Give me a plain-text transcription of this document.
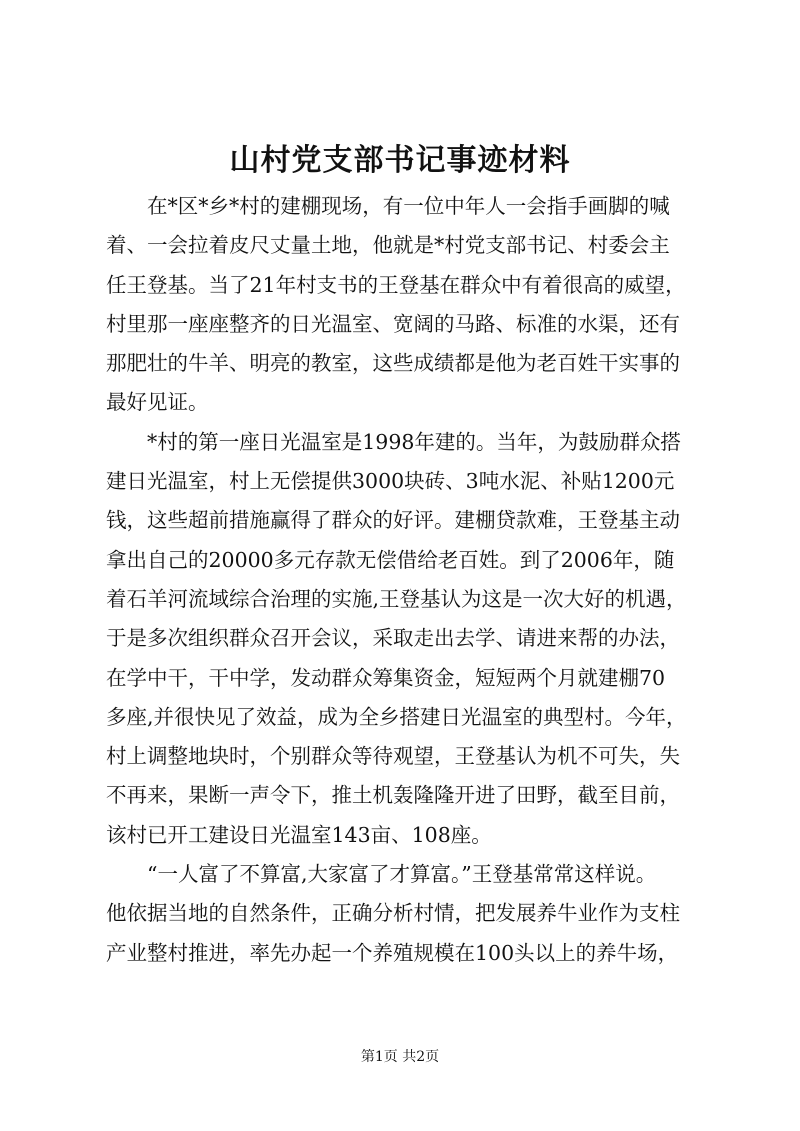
山村党支部书记事迹材料
　　在*区*乡*村的建棚现场，有一位中年人一会指手画脚的喊
着、一会拉着皮尺丈量土地，他就是*村党支部书记、村委会主
任王登基。当了21年村支书的王登基在群众中有着很高的威望，
村里那一座座整齐的日光温室、宽阔的马路、标准的水渠，还有
那肥壮的牛羊、明亮的教室，这些成绩都是他为老百姓干实事的
最好见证。
　　*村的第一座日光温室是1998年建的。当年，为鼓励群众搭
建日光温室，村上无偿提供3000块砖、3吨水泥、补贴1200元
钱，这些超前措施赢得了群众的好评。建棚贷款难，王登基主动
拿出自己的20000多元存款无偿借给老百姓。到了2006年，随
着石羊河流域综合治理的实施,王登基认为这是一次大好的机遇，
于是多次组织群众召开会议，采取走出去学、请进来帮的办法，
在学中干，干中学，发动群众筹集资金，短短两个月就建棚70
多座,并很快见了效益，成为全乡搭建日光温室的典型村。今年，
村上调整地块时，个别群众等待观望，王登基认为机不可失，失
不再来，果断一声令下，推土机轰隆隆开进了田野，截至目前，
该村已开工建设日光温室143亩、108座。
　　“一人富了不算富,大家富了才算富。”王登基常常这样说。
他依据当地的自然条件，正确分析村情，把发展养牛业作为支柱
产业整村推进，率先办起一个养殖规模在100头以上的养牛场，
第1页 共2页
